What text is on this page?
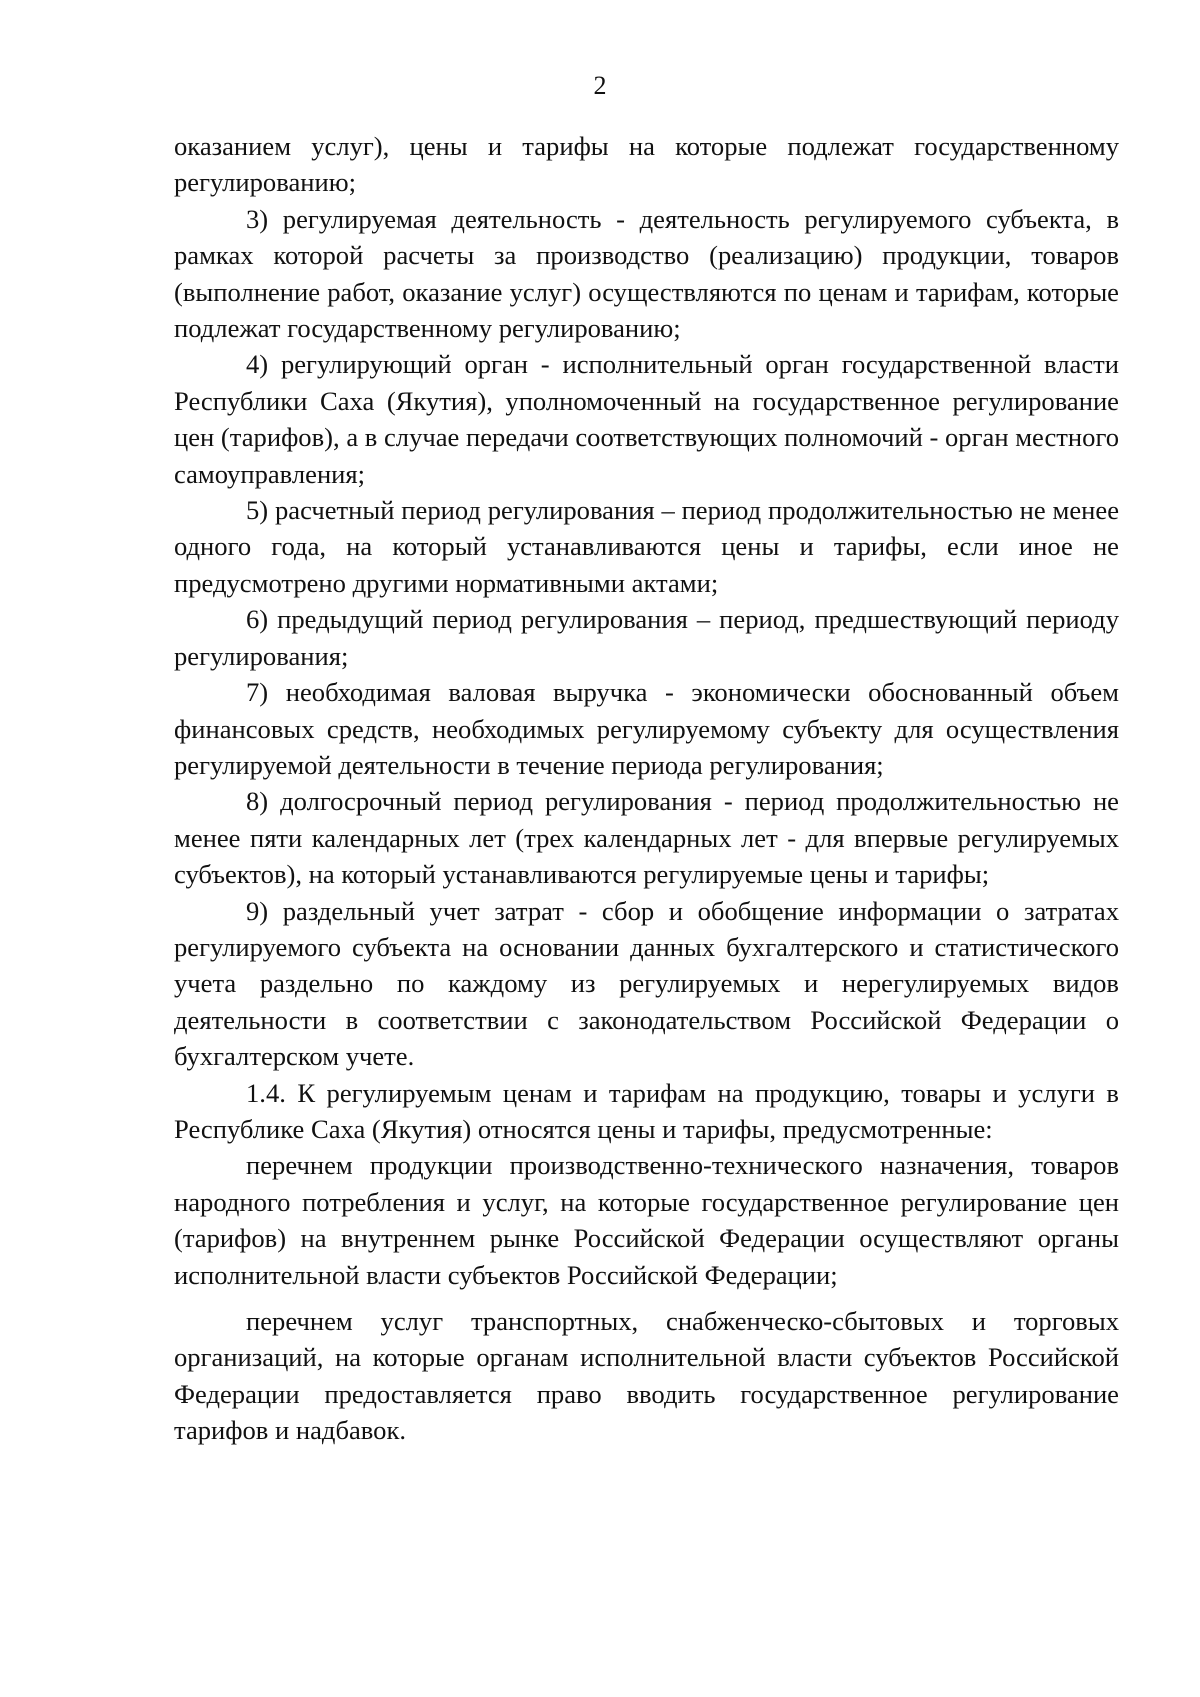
2

оказанием услуг), цены и тарифы на которые подлежат государственному регулированию;

3) регулируемая деятельность - деятельность регулируемого субъекта, в рамках которой расчеты за производство (реализацию) продукции, товаров (выполнение работ, оказание услуг) осуществляются по ценам и тарифам, которые подлежат государственному регулированию;

4) регулирующий орган - исполнительный орган государственной власти Республики Саха (Якутия), уполномоченный на государственное регулирование цен (тарифов), а в случае передачи соответствующих полномочий - орган местного самоуправления;

5) расчетный период регулирования – период продолжительностью не менее одного года, на который устанавливаются цены и тарифы, если иное не предусмотрено другими нормативными актами;

6) предыдущий период регулирования – период, предшествующий периоду регулирования;

7) необходимая валовая выручка - экономически обоснованный объем финансовых средств, необходимых регулируемому субъекту для осуществления регулируемой деятельности в течение периода регулирования;

8) долгосрочный период регулирования - период продолжительностью не менее пяти календарных лет (трех календарных лет - для впервые регулируемых субъектов), на который устанавливаются регулируемые цены и тарифы;

9) раздельный учет затрат - сбор и обобщение информации о затратах регулируемого субъекта на основании данных бухгалтерского и статистического учета раздельно по каждому из регулируемых и нерегулируемых видов деятельности в соответствии с законодательством Российской Федерации о бухгалтерском учете.

1.4. К регулируемым ценам и тарифам на продукцию, товары и услуги в Республике Саха (Якутия) относятся цены и тарифы, предусмотренные:

перечнем продукции производственно-технического назначения, товаров народного потребления и услуг, на которые государственное регулирование цен (тарифов) на внутреннем рынке Российской Федерации осуществляют органы исполнительной власти субъектов Российской Федерации;

перечнем услуг транспортных, снабженческо-сбытовых и торговых организаций, на которые органам исполнительной власти субъектов Российской Федерации предоставляется право вводить государственное регулирование тарифов и надбавок.
